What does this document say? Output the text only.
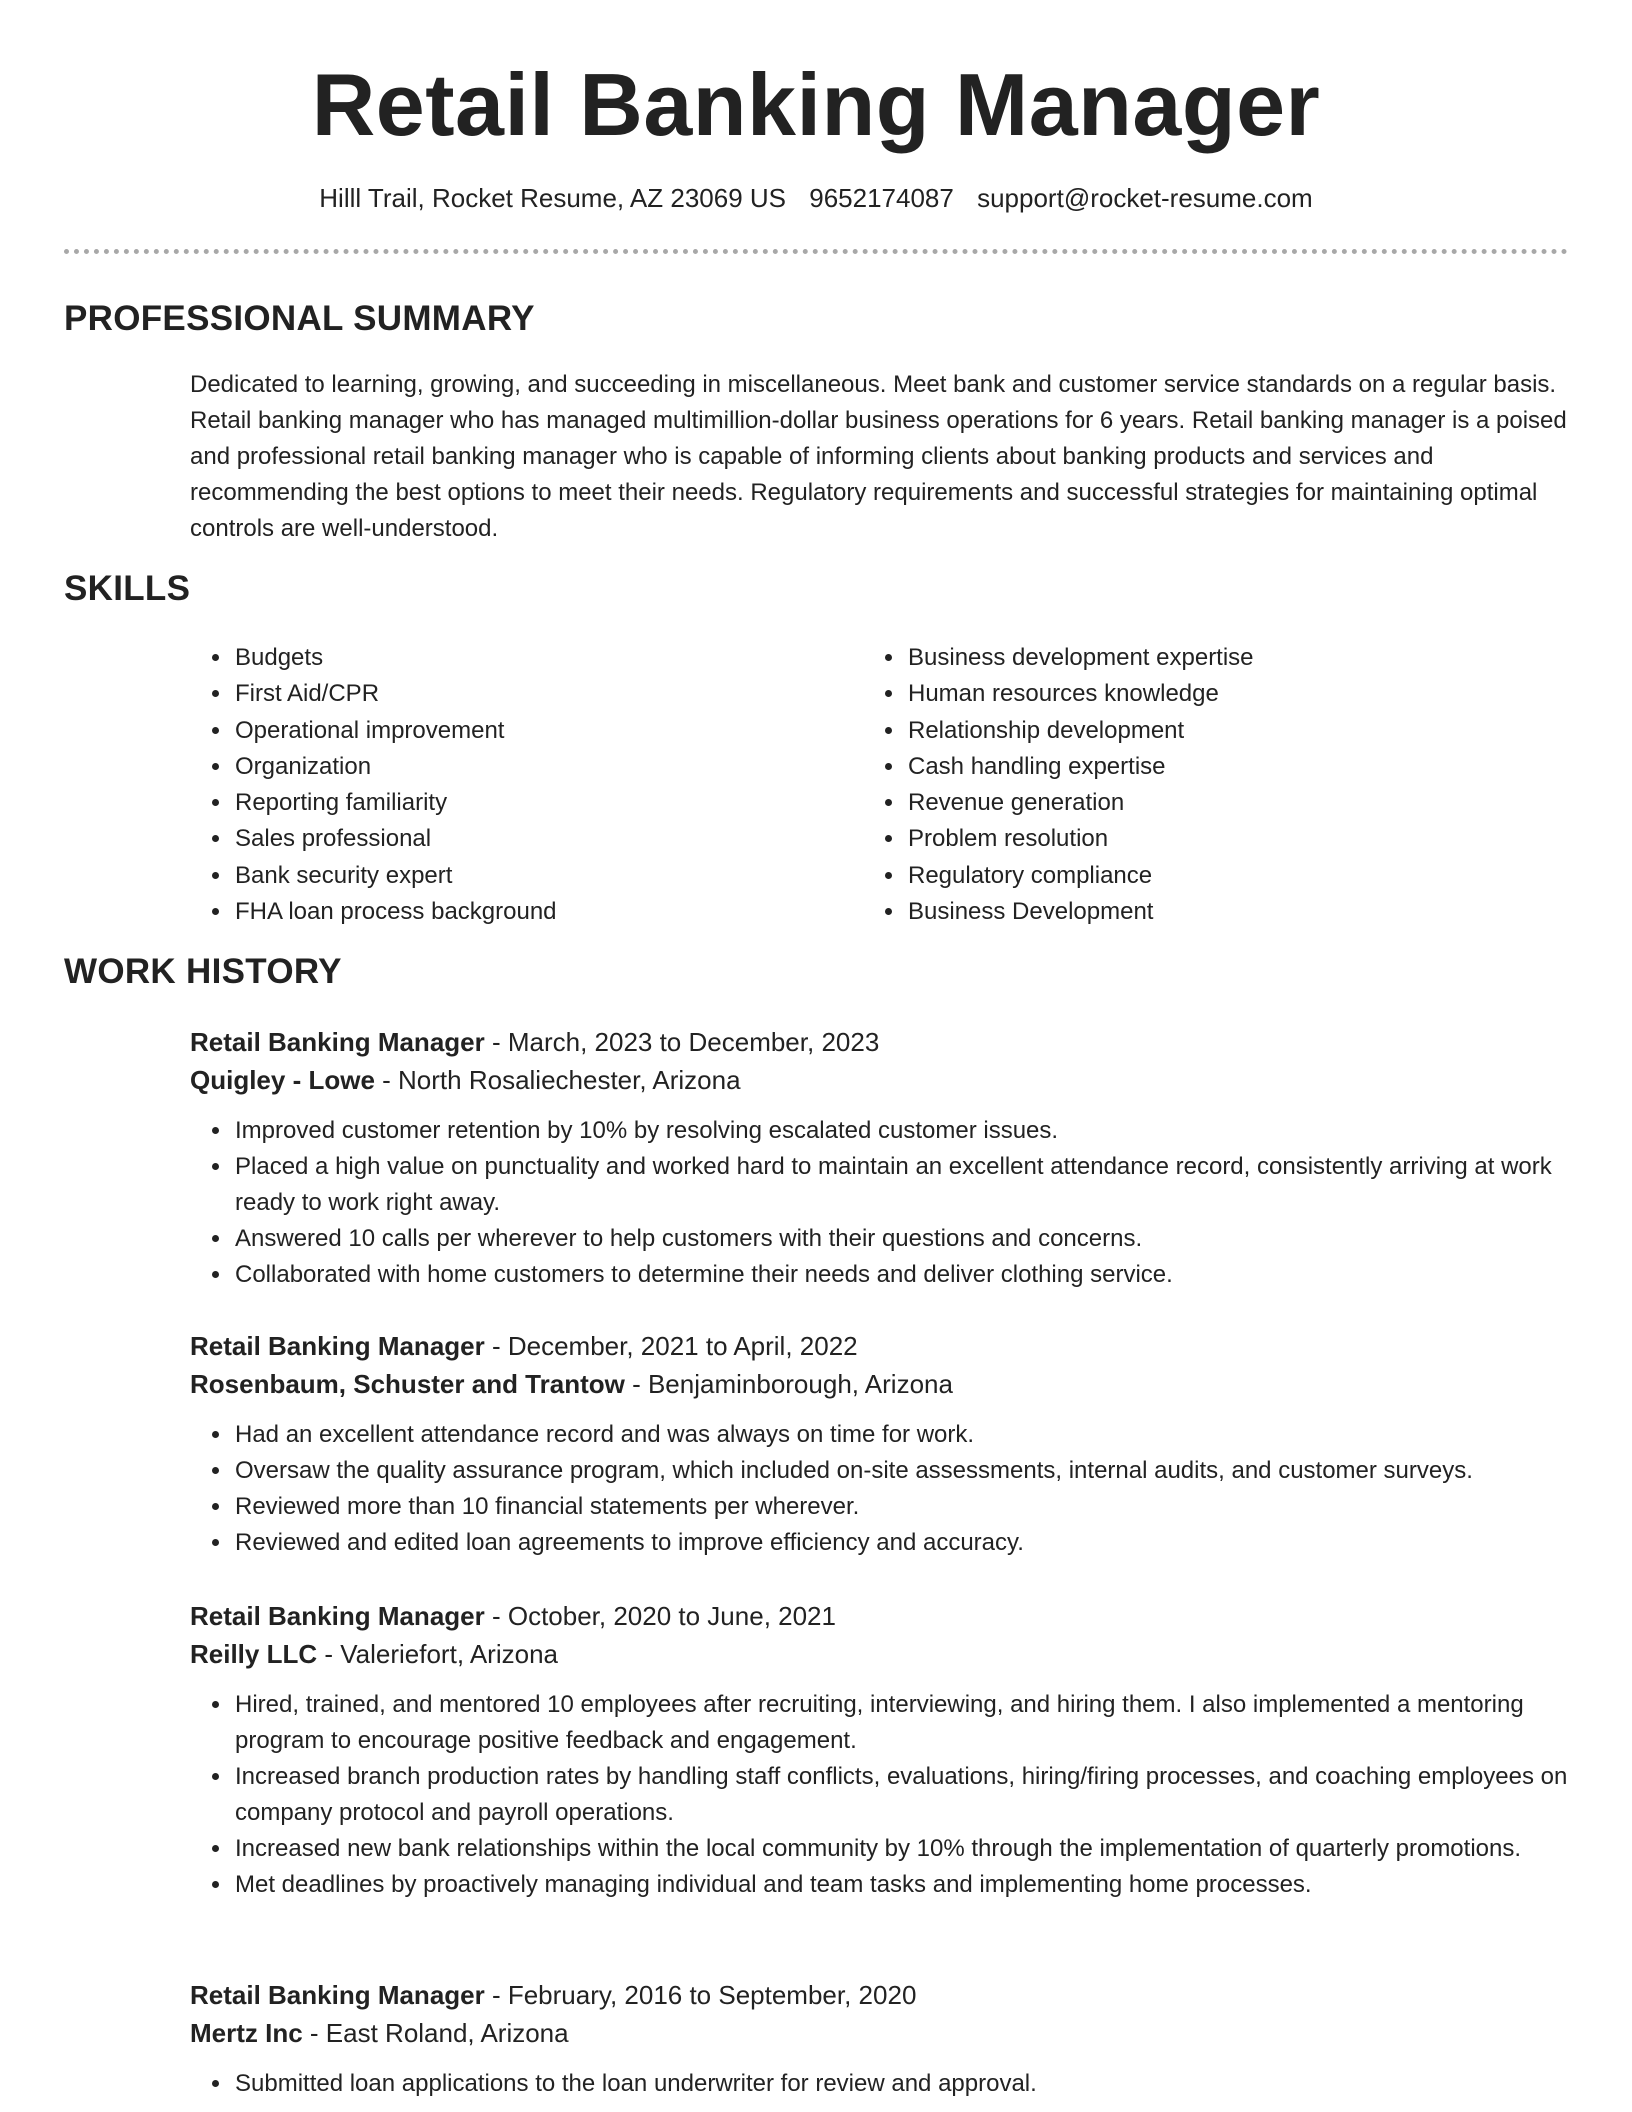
Retail Banking Manager
Hilll Trail, Rocket Resume, AZ 23069 US 9652174087 support@rocket-resume.com
PROFESSIONAL SUMMARY

Dedicated to learning, growing, and succeeding in miscellaneous. Meet bank and customer service standards on a regular basis. Retail banking manager who has managed multimillion-dollar business operations for 6 years. Retail banking manager is a poised and professional retail banking manager who is capable of informing clients about banking products and services and recommending the best options to meet their needs. Regulatory requirements and successful strategies for maintaining optimal controls are well-understood.

SKILLS
• Budgets
• First Aid/CPR
• Operational improvement
• Organization
• Reporting familiarity
• Sales professional
• Bank security expert
• FHA loan process background
• Business development expertise
• Human resources knowledge
• Relationship development
• Cash handling expertise
• Revenue generation
• Problem resolution
• Regulatory compliance
• Business Development
WORK HISTORY
Retail Banking Manager - March, 2023 to December, 2023
Quigley - Lowe - North Rosaliechester, Arizona
• Improved customer retention by 10% by resolving escalated customer issues.
• Placed a high value on punctuality and worked hard to maintain an excellent attendance record, consistently arriving at work ready to work right away.
• Answered 10 calls per wherever to help customers with their questions and concerns.
• Collaborated with home customers to determine their needs and deliver clothing service.
Retail Banking Manager - December, 2021 to April, 2022
Rosenbaum, Schuster and Trantow - Benjaminborough, Arizona
• Had an excellent attendance record and was always on time for work.
• Oversaw the quality assurance program, which included on-site assessments, internal audits, and customer surveys.
• Reviewed more than 10 financial statements per wherever.
• Reviewed and edited loan agreements to improve efficiency and accuracy.
Retail Banking Manager - October, 2020 to June, 2021
Reilly LLC - Valeriefort, Arizona
• Hired, trained, and mentored 10 employees after recruiting, interviewing, and hiring them. I also implemented a mentoring program to encourage positive feedback and engagement.
• Increased branch production rates by handling staff conflicts, evaluations, hiring/firing processes, and coaching employees on company protocol and payroll operations.
• Increased new bank relationships within the local community by 10% through the implementation of quarterly promotions.
• Met deadlines by proactively managing individual and team tasks and implementing home processes.
Retail Banking Manager - February, 2016 to September, 2020
Mertz Inc - East Roland, Arizona
• Submitted loan applications to the loan underwriter for review and approval.
